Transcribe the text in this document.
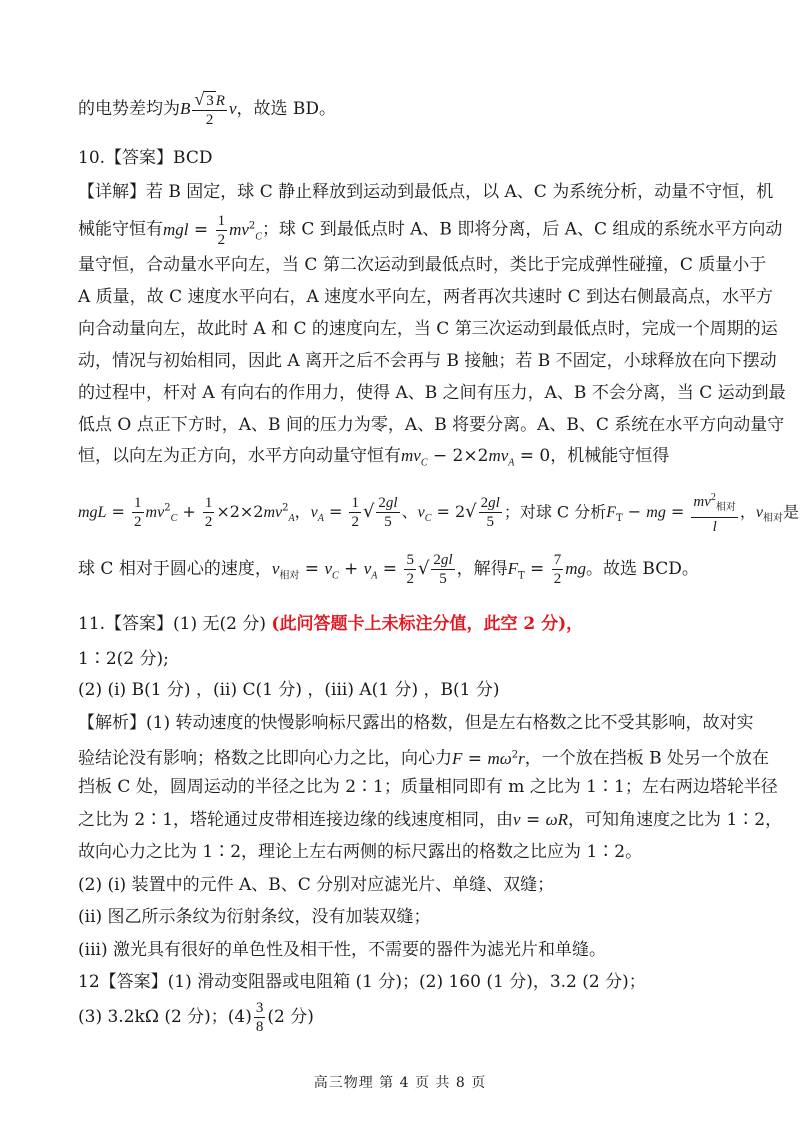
的电势差均为B $\frac{√ 3 R}{2}$ v，故选 BD。
10.【答案】BCD
【详解】若 B 固定，球 C 静止释放到运动到最低点，以 A、C 为系统分析，动量不守恒，机
械能守恒有mgl = $\frac{1}{2} mv^2_C$；球 C 到最低点时 A、B 即将分离，后 A、C 组成的系统水平方向动
量守恒，合动量水平向左，当 C 第二次运动到最低点时，类比于完成弹性碰撞，C 质量小于
A 质量，故 C 速度水平向右，A 速度水平向左，两者再次共速时 C 到达右侧最高点，水平方
向合动量向左，故此时 A 和 C 的速度向左，当 C 第三次运动到最低点时，完成一个周期的运
动，情况与初始相同，因此 A 离开之后不会再与 B 接触；若 B 不固定，小球释放在向下摆动
的过程中，杆对 A 有向右的作用力，使得 A、B 之间有压力，A、B 不会分离，当 C 运动到最
低点 O 点正下方时，A、B 间的压力为零，A、B 将要分离。A、B、C 系统在水平方向动量守
恒，以向左为正方向，水平方向动量守恒有$mv_C - 2\times 2mv_A = 0$，机械能守恒得
mgL = $\frac{1}{2} mv^2_C + \frac{1}{2} \times 2\times 2mv^2_A$，$v_A = \frac{1}{2}$ √ $\frac{2gl}{5}$ 、$v_C = 2√ \frac{2gl}{5}$ ；对球 C 分析$F_T$ − mg = $\frac{mv^2_{相对}}{l}$ ，$v_{相对}$是
球 C 相对于圆心的速度，$v_{相对} = v_C + v_A = \frac{5}{2}$ √ $\frac{2gl}{5}$ ，解得$F_T = \frac{7}{2}$ mg。故选 BCD。
11.【答案】(1) 无(2 分) (此问答题卡上未标注分值，此空 2 分)，
1∶2(2 分);
(2) (i) B(1 分) ，(ii) C(1 分) ，(iii) A(1 分) ，B(1 分)
【解析】(1) 转动速度的快慢影响标尺露出的格数，但是左右格数之比不受其影响，故对实
验结论没有影响；格数之比即向心力之比，向心力$F = m\omega^2r$，一个放在挡板 B 处另一个放在
挡板 C 处，圆周运动的半径之比为 2∶1；质量相同即有 m 之比为 1∶1；左右两边塔轮半径
之比为 2∶1，塔轮通过皮带相连接边缘的线速度相同，由v = ωR，可知角速度之比为 1∶2，
故向心力之比为 1∶2，理论上左右两侧的标尺露出的格数之比应为 1∶2。
(2) (i) 装置中的元件 A、B、C 分别对应滤光片、单缝、双缝；
(ii) 图乙所示条纹为衍射条纹，没有加装双缝；
(iii) 激光具有很好的单色性及相干性，不需要的器件为滤光片和单缝。
12【答案】(1) 滑动变阻器或电阻箱 (1 分)；(2) 160 (1 分)，3.2 (2 分)；
(3) 3.2kΩ (2 分)；$(4) \frac{3}{8} (2$ 分)
高三物理 第 4 页 共 8 页
